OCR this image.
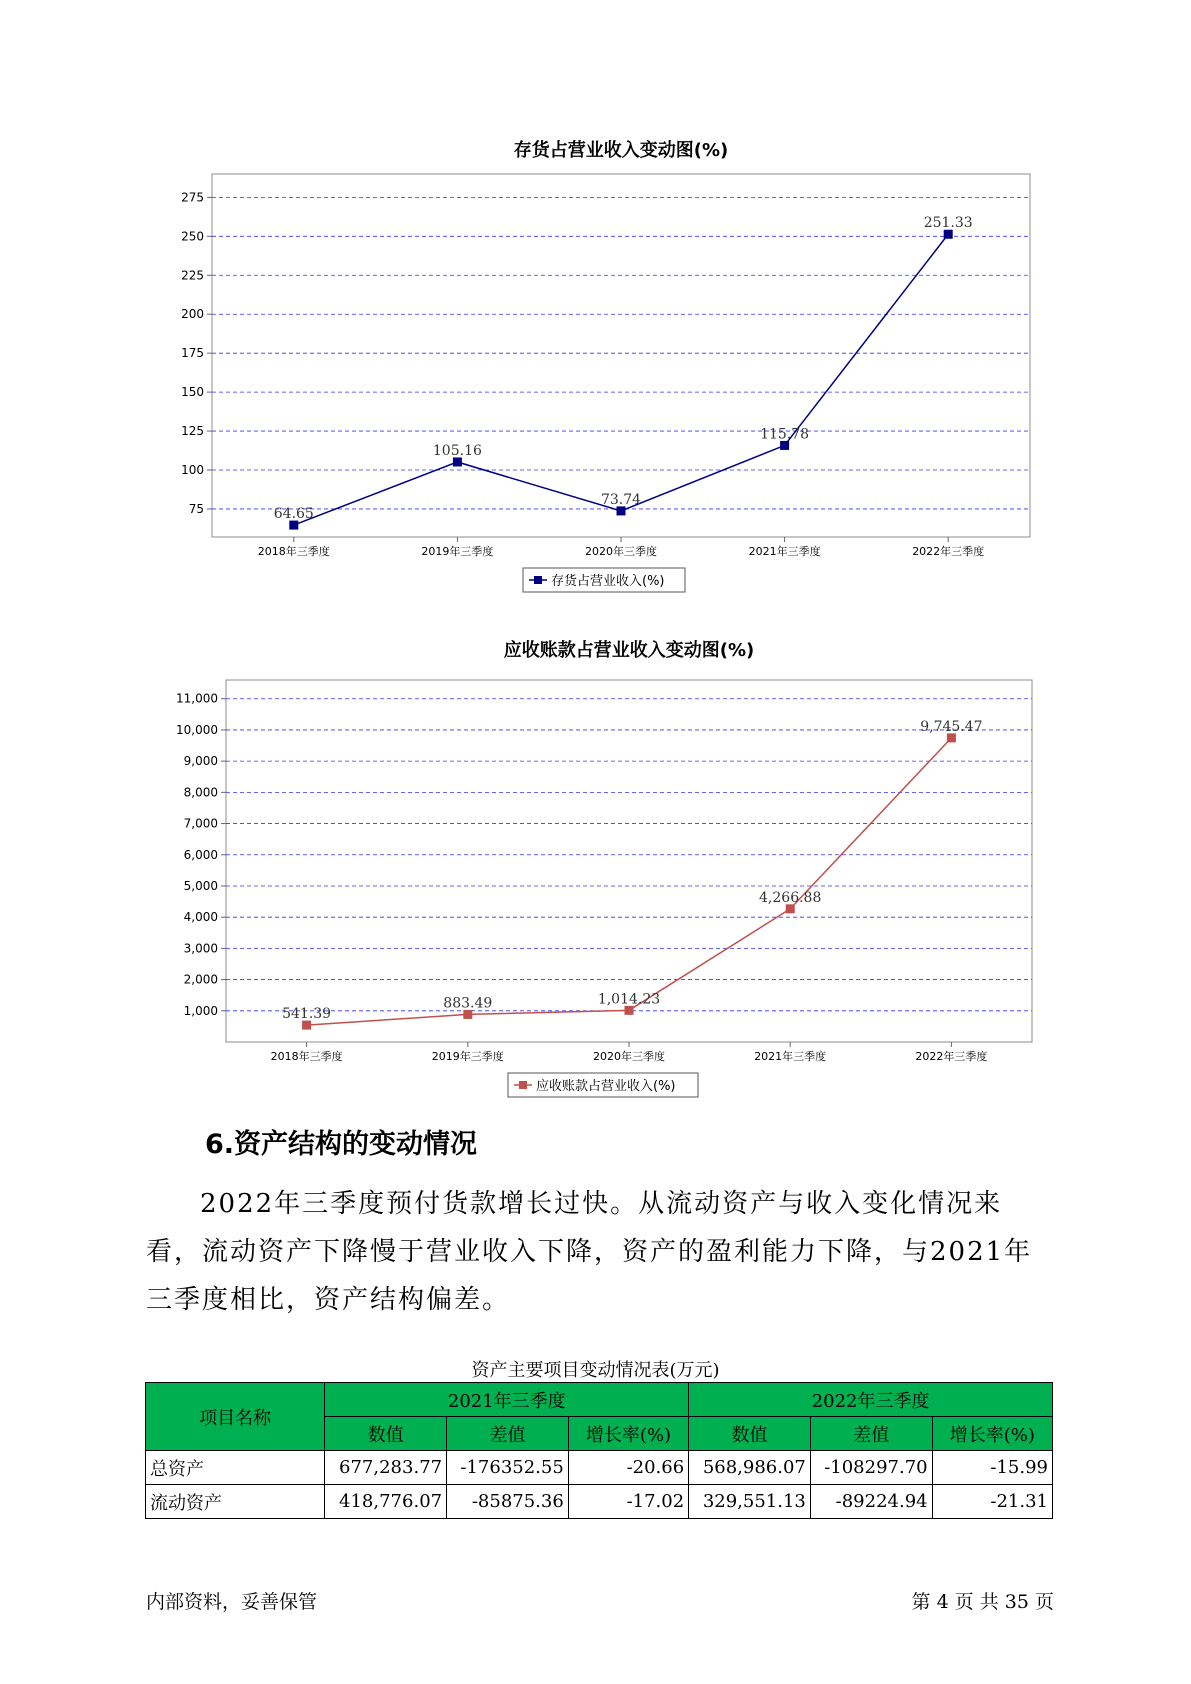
存货占营业收入变动图(%)
75
100
125
150
175
200
225
250
275
2018年三季度	2019年三季度	2020年三季度	2021年三季度	2022年三季度
64.65
105.16
73.74
115.78
251.33
存货占营业收入(%)
应收账款占营业收入变动图(%)
1,000
2,000
3,000
4,000
5,000
6,000
7,000
8,000
9,000
10,000
11,000
2018年三季度	2019年三季度	2020年三季度	2021年三季度	2022年三季度
541.39
883.49	1,014.23
4,266.88
9,745.47
应收账款占营业收入(%)
6.资产结构的变动情况

2022年三季度预付货款增长过快。从流动资产与收入变化情况来看，流动资产下降慢于营业收入下降，资产的盈利能力下降，与2021年三季度相比，资产结构偏差。

资产主要项目变动情况表(万元)
项目名称	2021年三季度			2022年三季度		
	数值	差值	增长率(%)	数值	差值	增长率(%)
总资产	677,283.77	-176352.55	-20.66	568,986.07	-108297.70	-15.99
流动资产	418,776.07	-85875.36	-17.02	329,551.13	-89224.94	-21.31
内部资料，妥善保管	第 4 页 共 35 页
